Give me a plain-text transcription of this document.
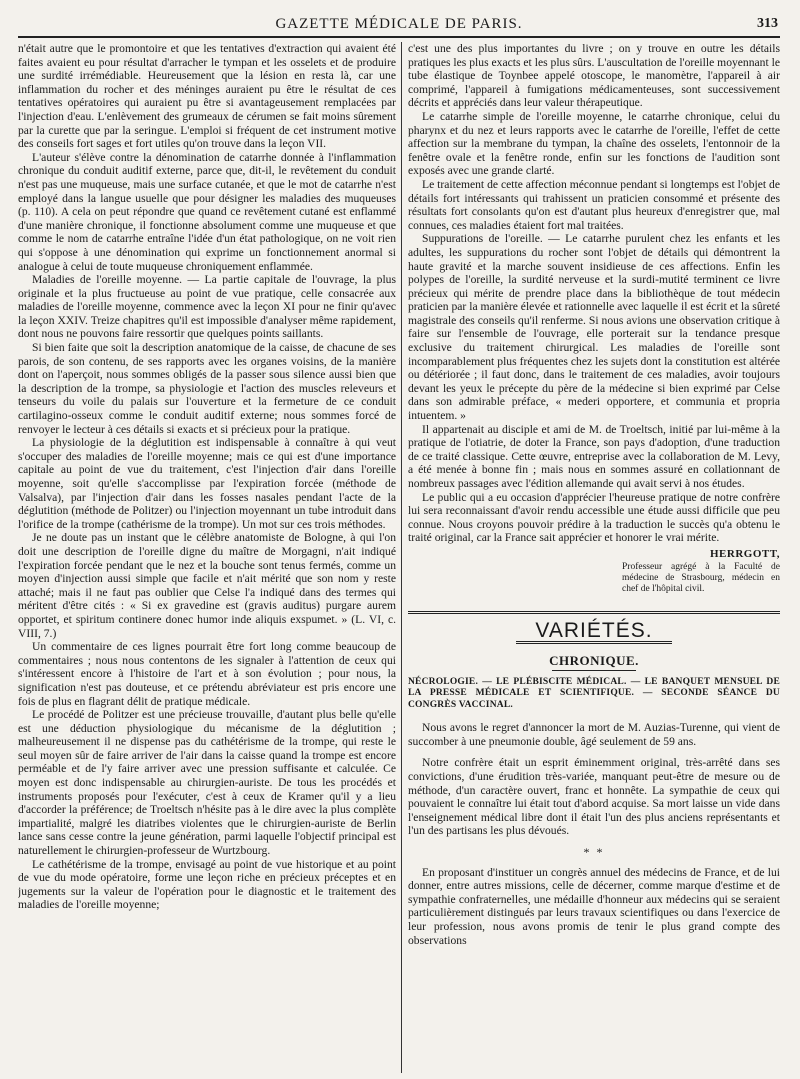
GAZETTE MÉDICALE DE PARIS.	313

n'était autre que le promontoire et que les tentatives d'extraction qui avaient été faites avaient eu pour résultat d'arracher le tympan et les osselets et de produire une surdité irrémédiable. Heureusement que la lésion en resta là, car une inflammation du rocher et des méninges auraient pu être le résultat de ces tentatives opératoires qui auraient pu être si avantageusement remplacées par l'injection d'eau. L'enlèvement des grumeaux de cérumen se fait moins sûrement par la curette que par la seringue. L'emploi si fréquent de cet instrument motive des conseils fort sages et fort utiles qu'on trouve dans la leçon VII.

L'auteur s'élève contre la dénomination de catarrhe donnée à l'inflammation chronique du conduit auditif externe, parce que, dit-il, le revêtement du conduit n'est pas une muqueuse, mais une surface cutanée, et que le mot de catarrhe n'est employé dans la langue usuelle que pour désigner les maladies des muqueuses (p. 110). A cela on peut répondre que quand ce revêtement cutané est enflammé d'une manière chronique, il fonctionne absolument comme une muqueuse et que comme le nom de catarrhe entraîne l'idée d'un état pathologique, on ne voit rien qui s'oppose à une dénomination qui exprime un fonctionnement anormal si analogue à celui de toute muqueuse chroniquement enflammée.

Maladies de l'oreille moyenne. — La partie capitale de l'ouvrage, la plus originale et la plus fructueuse au point de vue pratique, celle consacrée aux maladies de l'oreille moyenne, commence avec la leçon XI pour ne finir qu'avec la leçon XXIV. Treize chapitres qu'il est impossible d'analyser même rapidement, dont nous ne pouvons faire ressortir que quelques points saillants.

Si bien faite que soit la description anatomique de la caisse, de chacune de ses parois, de son contenu, de ses rapports avec les organes voisins, de la manière dont on l'aperçoit, nous sommes obligés de la passer sous silence aussi bien que la description de la trompe, sa physiologie et l'action des muscles releveurs et tenseurs du voile du palais sur l'ouverture et la fermeture de ce conduit cartilagino-osseux comme le conduit auditif externe; nous sommes forcé de renvoyer le lecteur à ces détails si exacts et si précieux pour la pratique.

La physiologie de la déglutition est indispensable à connaître à qui veut s'occuper des maladies de l'oreille moyenne; mais ce qui est d'une importance capitale au point de vue du traitement, c'est l'injection d'air dans l'oreille moyenne, soit qu'elle s'accomplisse par l'expiration forcée (méthode de Valsalva), par l'injection d'air dans les fosses nasales pendant l'acte de la déglutition (méthode de Politzer) ou l'injection moyennant un tube introduit dans l'orifice de la trompe (cathérisme de la trompe). Un mot sur ces trois méthodes.

Je ne doute pas un instant que le célèbre anatomiste de Bologne, à qui l'on doit une description de l'oreille digne du maître de Morgagni, n'ait indiqué l'expiration forcée pendant que le nez et la bouche sont tenus fermés, comme un moyen d'injection aussi simple que facile et n'ait mérité que son nom y reste attaché; mais il ne faut pas oublier que Celse l'a indiqué dans des termes qui méritent d'être cités : « Si ex gravedine est (gravis auditus) purgare aurem opportet, et spiritum continere donec humor inde aliquis exspumet. » (L. VI, c. VIII, 7.)

Un commentaire de ces lignes pourrait être fort long comme beaucoup de commentaires ; nous nous contentons de les signaler à l'attention de ceux qui s'intéressent encore à l'histoire de l'art et à son évolution ; pour nous, la signification n'est pas douteuse, et ce prétendu abréviateur est pris encore une fois de plus en flagrant délit de pratique médicale.

Le procédé de Politzer est une précieuse trouvaille, d'autant plus belle qu'elle est une déduction physiologique du mécanisme de la déglutition ; malheureusement il ne dispense pas du cathétérisme de la trompe, qui reste le seul moyen sûr de faire arriver de l'air dans la caisse quand la trompe est encore perméable et de l'y faire arriver avec une pression suffisante et calculée. Ce moyen est donc indispensable au chirurgien-auriste. De tous les procédés et instruments proposés pour l'exécuter, c'est à ceux de Kramer qu'il y a lieu d'accorder la préférence; de Troeltsch n'hésite pas à le dire avec la plus complète impartialité, malgré les diatribes violentes que le chirurgien-auriste de Berlin lance sans cesse contre la jeune génération, parmi laquelle l'objectif principal est naturellement le chirurgien-professeur de Wurtzbourg.

Le cathétérisme de la trompe, envisagé au point de vue historique et au point de vue du mode opératoire, forme une leçon riche en précieux préceptes et en jugements sur la valeur de l'opération pour le diagnostic et le traitement des maladies de l'oreille moyenne;

c'est une des plus importantes du livre ; on y trouve en outre les détails pratiques les plus exacts et les plus sûrs. L'auscultation de l'oreille moyennant le tube élastique de Toynbee appelé otoscope, le manomètre, l'appareil à air comprimé, l'appareil à fumigations médicamenteuses, sont successivement décrits et appréciés dans leur valeur thérapeutique.

Le catarrhe simple de l'oreille moyenne, le catarrhe chronique, celui du pharynx et du nez et leurs rapports avec le catarrhe de l'oreille, l'effet de cette affection sur la membrane du tympan, la chaîne des osselets, l'entonnoir de la fenêtre ovale et la fenêtre ronde, enfin sur les fonctions de l'audition sont exposés avec une grande clarté.

Le traitement de cette affection méconnue pendant si longtemps est l'objet de détails fort intéressants qui trahissent un praticien consommé et présente des résultats fort consolants qu'on est d'autant plus heureux d'enregistrer que, mal connues, ces maladies étaient fort mal traitées.

Suppurations de l'oreille. — Le catarrhe purulent chez les enfants et les adultes, les suppurations du rocher sont l'objet de détails qui démontrent la haute gravité et la marche souvent insidieuse de ces affections. Enfin les polypes de l'oreille, la surdité nerveuse et la surdi-mutité terminent ce livre précieux qui mérite de prendre place dans la bibliothèque de tout médecin praticien par la manière élevée et rationnelle avec laquelle il est écrit et la sûreté magistrale des conseils qu'il renferme. Si nous avions une observation critique à faire sur l'ensemble de l'ouvrage, elle porterait sur la tendance presque exclusive du traitement chirurgical. Les maladies de l'oreille sont incomparablement plus fréquentes chez les sujets dont la constitution est altérée ou détériorée ; il faut donc, dans le traitement de ces maladies, avoir toujours devant les yeux le précepte du père de la médecine si bien exprimé par Celse dans son admirable préface, « mederi opportere, et communia et propria intuentem. »

Il appartenait au disciple et ami de M. de Troeltsch, initié par lui-même à la pratique de l'otiatrie, de doter la France, son pays d'adoption, d'une traduction de ce traité classique. Cette œuvre, entreprise avec la collaboration de M. Levy, a été menée à bonne fin ; mais nous en sommes assuré en collationnant de nombreux passages avec l'édition allemande qui avait servi à nos études.

Le public qui a eu occasion d'apprécier l'heureuse pratique de notre confrère lui sera reconnaissant d'avoir rendu accessible une étude aussi difficile que peu connue. Nous croyons pouvoir prédire à la traduction le succès qu'a obtenu le traité original, car la France sait apprécier et honorer le vrai mérite.

HERRGOTT,

Professeur agrégé à la Faculté de médecine de Strasbourg, médecin en chef de l'hôpital civil.

VARIÉTÉS.
CHRONIQUE.

NÉCROLOGIE. — LE PLÉBISCITE MÉDICAL. — LE BANQUET MENSUEL DE LA PRESSE MÉDICALE ET SCIENTIFIQUE. — SECONDE SÉANCE DU CONGRÈS VACCINAL.

Nous avons le regret d'annoncer la mort de M. Auzias-Turenne, qui vient de succomber à une pneumonie double, âgé seulement de 59 ans.

Notre confrère était un esprit éminemment original, très-arrêté dans ses convictions, d'une érudition très-variée, manquant peut-être de mesure ou de méthode, d'un caractère ouvert, franc et honnête. La sympathie de ceux qui pouvaient le connaître lui était tout d'abord acquise. Sa mort laisse un vide dans l'enseignement médical libre dont il était l'un des plus anciens représentants et l'un des partisans les plus dévoués.

* *

En proposant d'instituer un congrès annuel des médecins de France, et de lui donner, entre autres missions, celle de décerner, comme marque d'estime et de sympathie confraternelles, une médaille d'honneur aux médecins qui se seraient particulièrement distingués par leurs travaux scientifiques ou dans l'exercice de leur profession, nous avons promis de tenir le plus grand compte des observations
